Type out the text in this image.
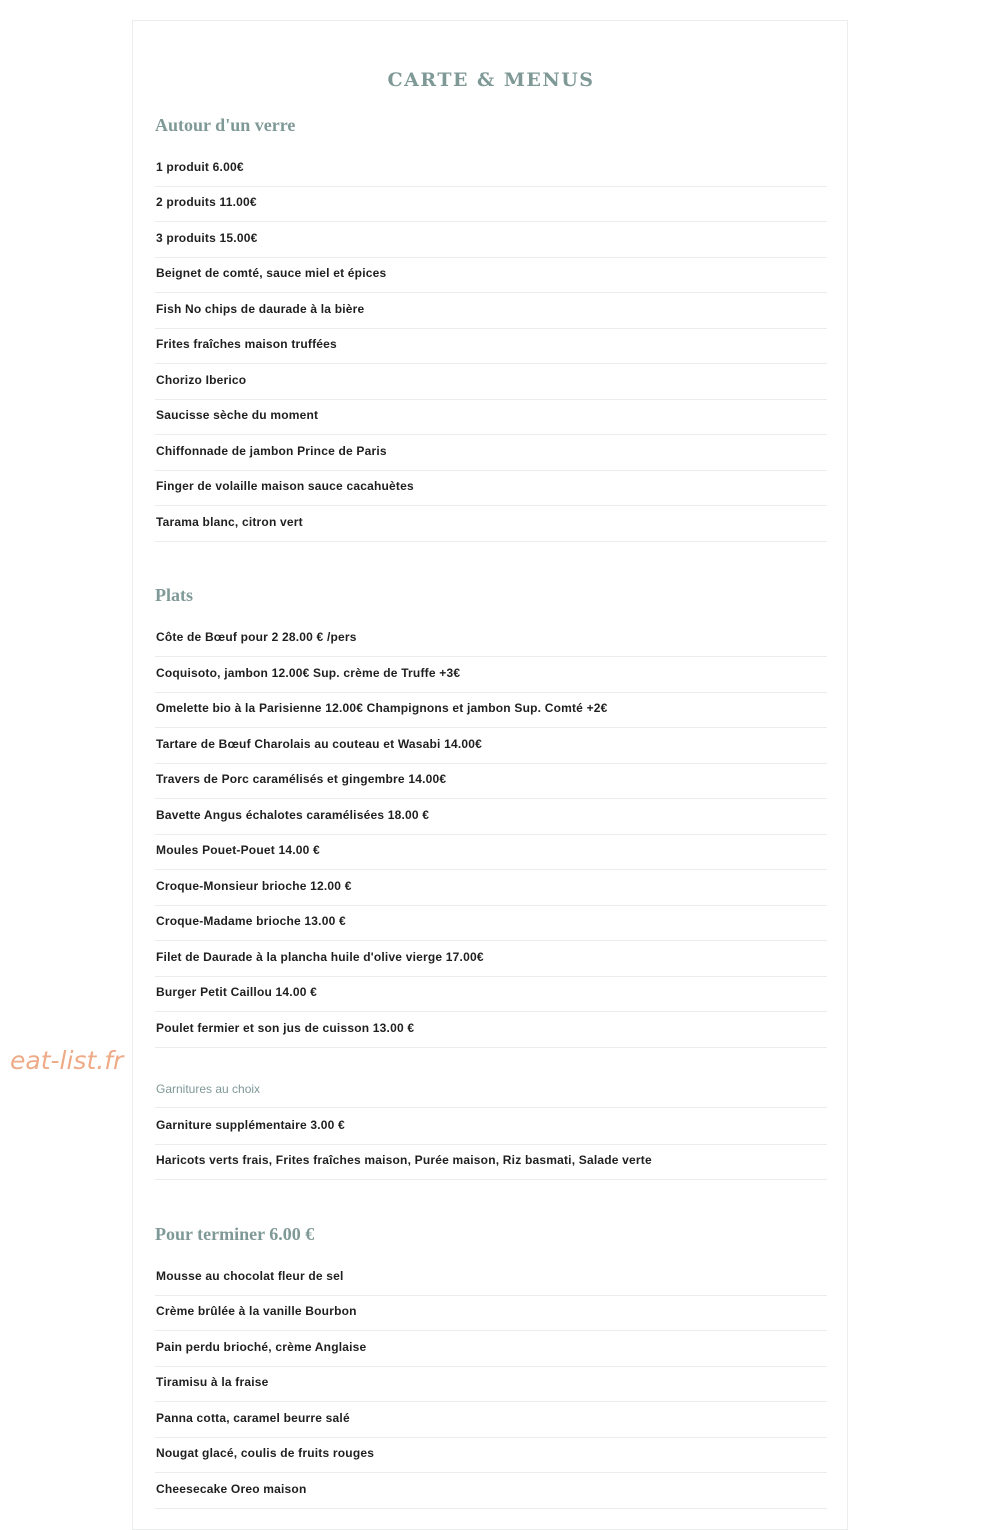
CARTE & MENUS
Autour d'un verre
1 produit 6.00€
2 produits 11.00€
3 produits 15.00€
Beignet de comté, sauce miel et épices
Fish No chips de daurade à la bière
Frites fraîches maison truffées
Chorizo Iberico
Saucisse sèche du moment
Chiffonnade de jambon Prince de Paris
Finger de volaille maison sauce cacahuètes
Tarama blanc, citron vert
Plats
Côte de Bœuf pour 2 28.00 € /pers
Coquisoto, jambon 12.00€ Sup. crème de Truffe +3€
Omelette bio à la Parisienne 12.00€ Champignons et jambon Sup. Comté +2€
Tartare de Bœuf Charolais au couteau et Wasabi 14.00€
Travers de Porc caramélisés et gingembre 14.00€
Bavette Angus échalotes caramélisées 18.00 €
Moules Pouet-Pouet 14.00 €
Croque-Monsieur brioche 12.00 €
Croque-Madame brioche 13.00 €
Filet de Daurade à la plancha huile d'olive vierge 17.00€
Burger Petit Caillou 14.00 €
Poulet fermier et son jus de cuisson 13.00 €
Garnitures au choix
Garniture supplémentaire 3.00 €
Haricots verts frais, Frites fraîches maison, Purée maison, Riz basmati, Salade verte
Pour terminer 6.00 €
Mousse au chocolat fleur de sel
Crème brûlée à la vanille Bourbon
Pain perdu brioché, crème Anglaise
Tiramisu à la fraise
Panna cotta, caramel beurre salé
Nougat glacé, coulis de fruits rouges
Cheesecake Oreo maison
eat-list.fr
